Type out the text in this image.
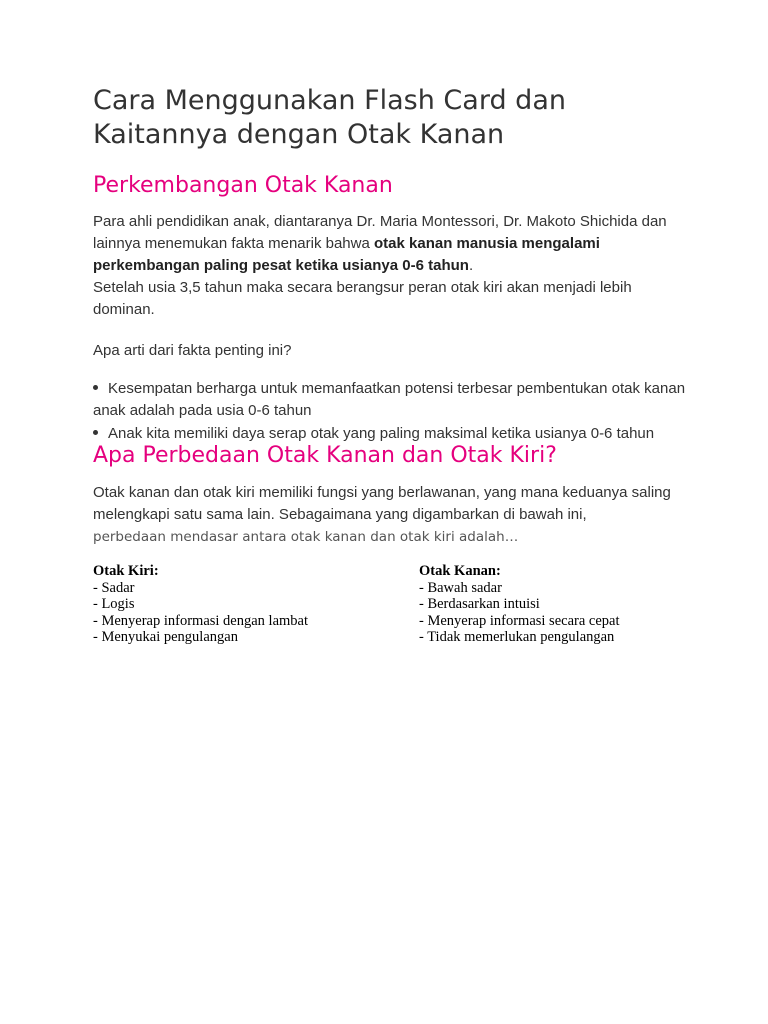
Cara Menggunakan Flash Card dan
Kaitannya dengan Otak Kanan
Perkembangan Otak Kanan

Para ahli pendidikan anak, diantaranya Dr. Maria Montessori, Dr. Makoto Shichida dan lainnya menemukan fakta menarik bahwa otak kanan manusia mengalami perkembangan paling pesat ketika usianya 0-6 tahun.
Setelah usia 3,5 tahun maka secara berangsur peran otak kiri akan menjadi lebih dominan.

Apa arti dari fakta penting ini?

Kesempatan berharga untuk memanfaatkan potensi terbesar pembentukan otak kanan anak adalah pada usia 0-6 tahun
Anak kita memiliki daya serap otak yang paling maksimal ketika usianya 0-6 tahun
Apa Perbedaan Otak Kanan dan Otak Kiri?

Otak kanan dan otak kiri memiliki fungsi yang berlawanan, yang mana keduanya saling melengkapi satu sama lain. Sebagaimana yang digambarkan di bawah ini,

perbedaan mendasar antara otak kanan dan otak kiri adalah…

Otak Kiri:
- Sadar
- Logis
- Menyerap informasi dengan lambat
- Menyukai pengulangan
Otak Kanan:
- Bawah sadar
- Berdasarkan intuisi
- Menyerap informasi secara cepat
- Tidak memerlukan pengulangan
